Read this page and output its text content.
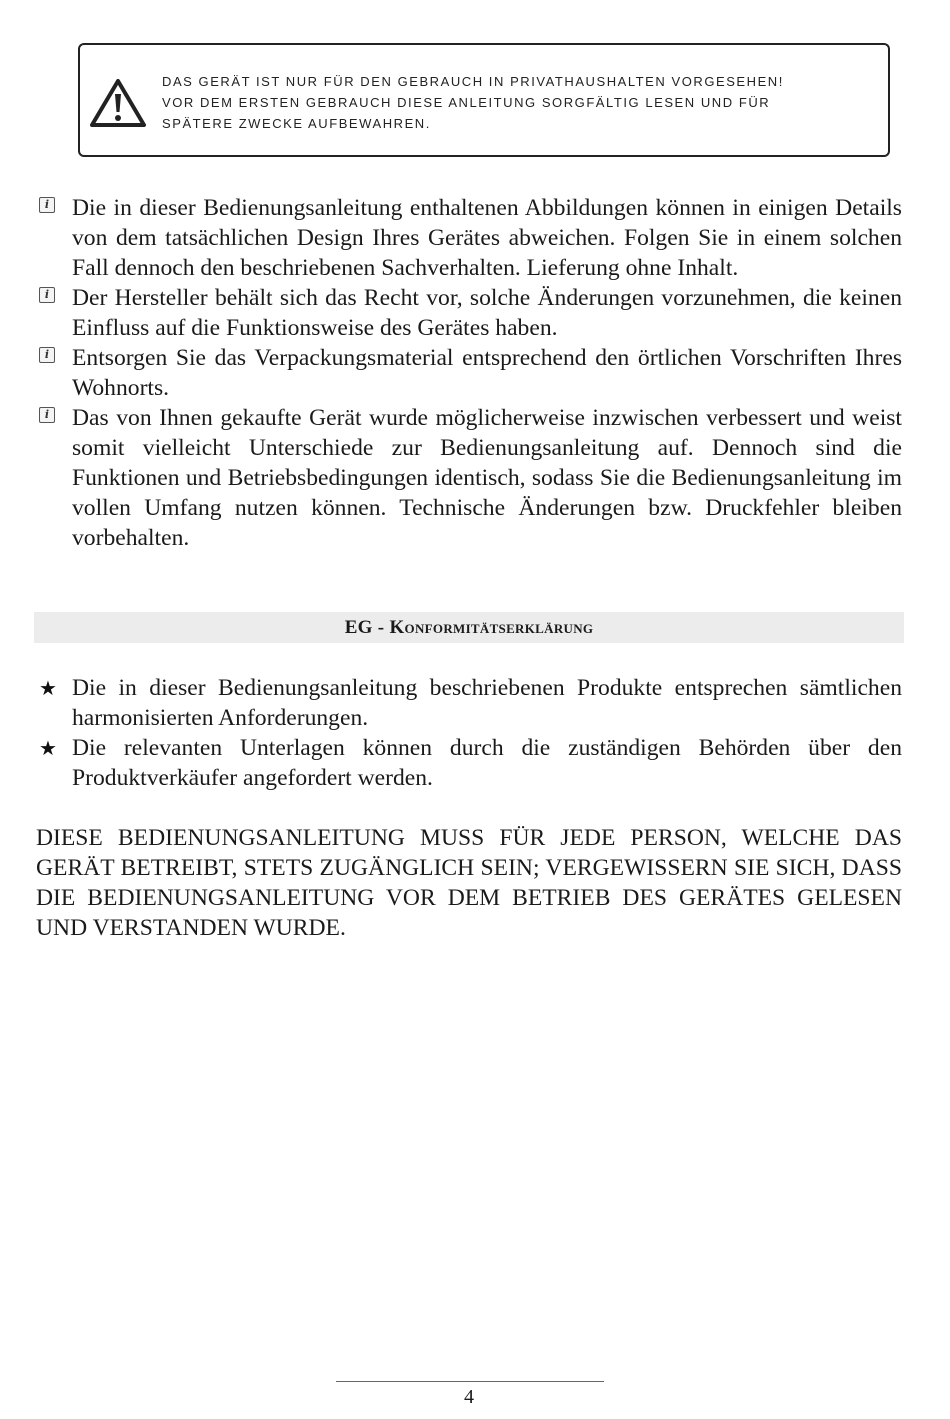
DAS GERÄT IST NUR FÜR DEN GEBRAUCH IN PRIVATHAUSHALTEN VORGESEHEN!
VOR DEM ERSTEN GEBRAUCH DIESE ANLEITUNG SORGFÄLTIG LESEN UND FÜR
SPÄTERE ZWECKE AUFBEWAHREN.
i Die in dieser Bedienungsanleitung enthaltenen Abbildungen können in einigen Details von dem tatsächlichen Design Ihres Gerätes abweichen. Folgen Sie in einem solchen Fall dennoch den beschriebenen Sachverhalten. Lieferung ohne Inhalt.

i Der Hersteller behält sich das Recht vor, solche Änderungen vorzunehmen, die keinen Einfluss auf die Funktionsweise des Gerätes haben.

i Entsorgen Sie das Verpackungsmaterial entsprechend den örtlichen Vorschriften Ihres Wohnorts.

i Das von Ihnen gekaufte Gerät wurde möglicherweise inzwischen verbessert und weist somit vielleicht Unterschiede zur Bedienungsanleitung auf. Dennoch sind die Funktionen und Betriebsbedingungen identisch, sodass Sie die Bedienungsanleitung im vollen Umfang nutzen können. Technische Änderungen bzw. Druckfehler bleiben vorbehalten.

EG - Konformitätserklärung
★ Die in dieser Bedienungsanleitung beschriebenen Produkte entsprechen sämtlichen harmonisierten Anforderungen.

★ Die relevanten Unterlagen können durch die zuständigen Behörden über den Produktverkäufer angefordert werden.

DIESE BEDIENUNGSANLEITUNG MUSS FÜR JEDE PERSON, WELCHE DAS GERÄT BETREIBT, STETS ZUGÄNGLICH SEIN; VERGEWISSERN SIE SICH, DASS DIE BEDIENUNGSANLEITUNG VOR DEM BETRIEB DES GERÄTES GELESEN UND VERSTANDEN WURDE.

4
